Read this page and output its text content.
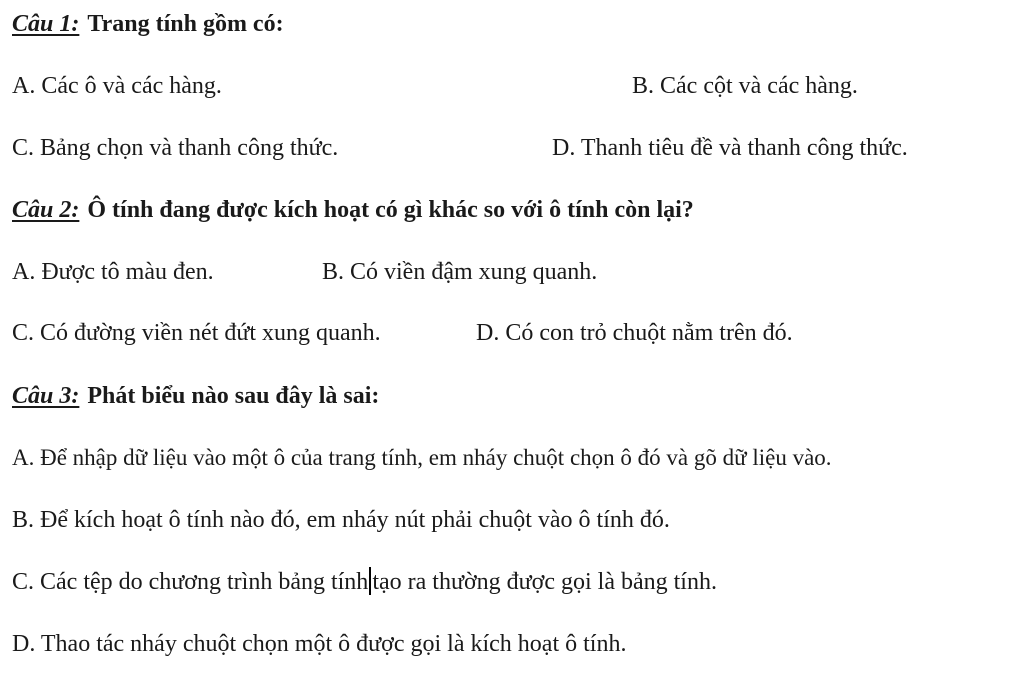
Câu 1: Trang tính gồm có:
A. Các ô và các hàng.	B. Các cột và các hàng.
C. Bảng chọn và thanh công thức.	D. Thanh tiêu đề và thanh công thức.
Câu 2: Ô tính đang được kích hoạt có gì khác so với ô tính còn lại?
A. Được tô màu đen.	B. Có viền đậm xung quanh.
C. Có đường viền nét đứt xung quanh.	D. Có con trỏ chuột nằm trên đó.
Câu 3: Phát biểu nào sau đây là sai:
A. Để nhập dữ liệu vào một ô của trang tính, em nháy chuột chọn ô đó và gõ dữ liệu vào.
B. Để kích hoạt ô tính nào đó, em nháy nút phải chuột vào ô tính đó.
C. Các tệp do chương trình bảng tính tạo ra thường được gọi là bảng tính.
D. Thao tác nháy chuột chọn một ô được gọi là kích hoạt ô tính.
